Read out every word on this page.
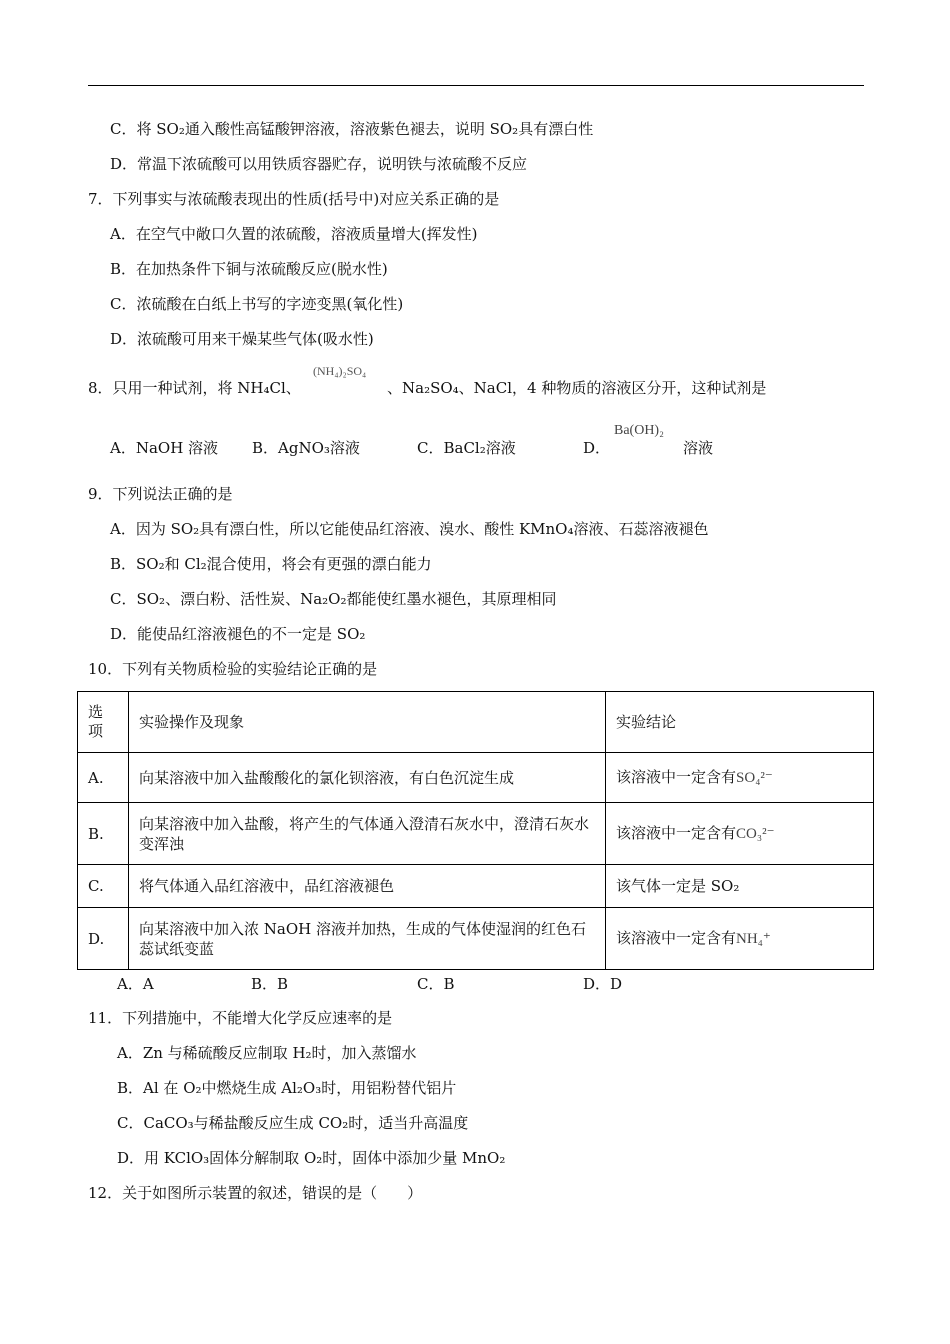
C．将 SO₂通入酸性高锰酸钾溶液，溶液紫色褪去，说明 SO₂具有漂白性
D．常温下浓硫酸可以用铁质容器贮存，说明铁与浓硫酸不反应
7．下列事实与浓硫酸表现出的性质(括号中)对应关系正确的是
A．在空气中敞口久置的浓硫酸，溶液质量增大(挥发性)
B．在加热条件下铜与浓硫酸反应(脱水性)
C．浓硫酸在白纸上书写的字迹变黑(氧化性)
D．浓硫酸可用来干燥某些气体(吸水性)
8．只用一种试剂，将 NH₄Cl、
(NH₄)₂SO₄
、Na₂SO₄、NaCl，4 种物质的溶液区分开，这种试剂是
A．NaOH 溶液 B．AgNO₃溶液	C．BaCl₂溶液	D．
Ba(OH)₂
溶液
9．下列说法正确的是
A．因为 SO₂具有漂白性，所以它能使品红溶液、溴水、酸性 KMnO₄溶液、石蕊溶液褪色
B．SO₂和 Cl₂混合使用，将会有更强的漂白能力
C．SO₂、漂白粉、活性炭、Na₂O₂都能使红墨水褪色，其原理相同
D．能使品红溶液褪色的不一定是 SO₂
10．下列有关物质检验的实验结论正确的是
选项	实验操作及现象	实验结论
A.	向某溶液中加入盐酸酸化的氯化钡溶液，有白色沉淀生成	该溶液中一定含有SO₄²⁻
B.	向某溶液中加入盐酸，将产生的气体通入澄清石灰水中，澄清石灰水变浑浊	该溶液中一定含有CO₃²⁻
C.	将气体通入品红溶液中，品红溶液褪色	该气体一定是 SO₂
D.	向某溶液中加入浓 NaOH 溶液并加热，生成的气体使湿润的红色石蕊试纸变蓝	该溶液中一定含有NH₄⁺
A．A	B．B	C．B	D．D
11．下列措施中，不能增大化学反应速率的是
A．Zn 与稀硫酸反应制取 H₂时，加入蒸馏水
B．Al 在 O₂中燃烧生成 Al₂O₃时，用铝粉替代铝片
C．CaCO₃与稀盐酸反应生成 CO₂时，适当升高温度
D．用 KClO₃固体分解制取 O₂时，固体中添加少量 MnO₂
12．关于如图所示装置的叙述，错误的是（　　）
